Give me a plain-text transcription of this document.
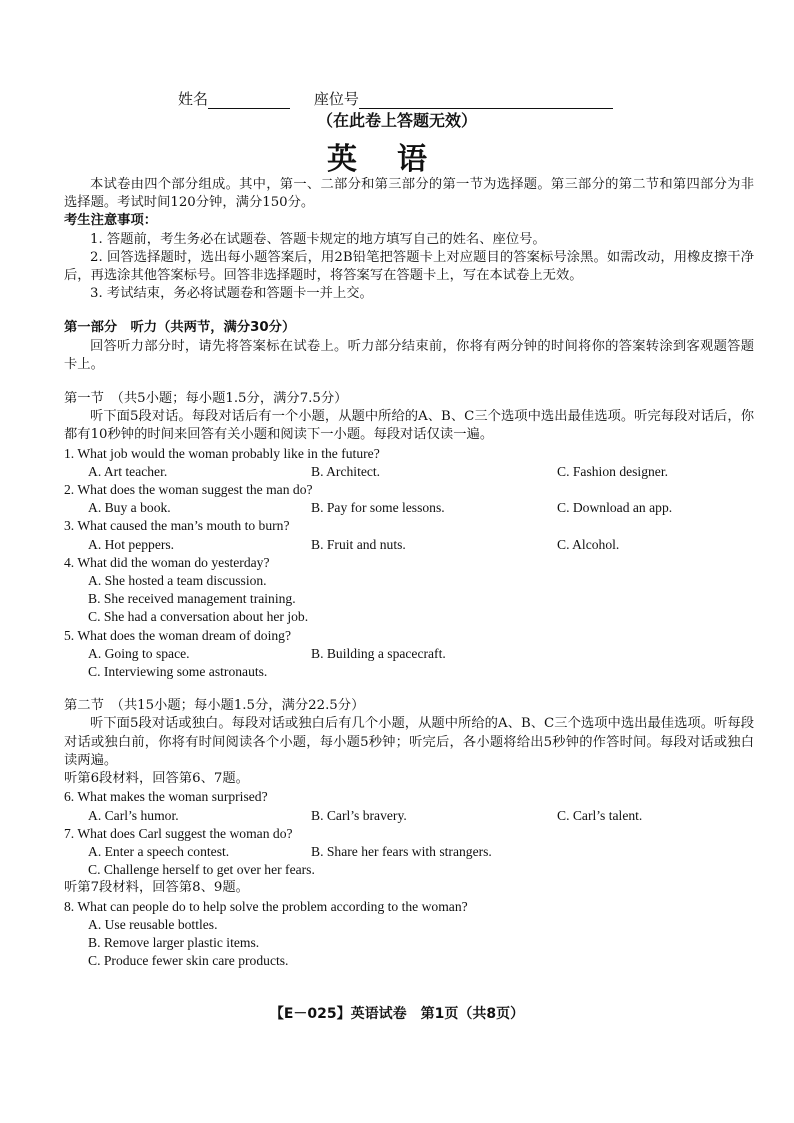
姓名	座位号
（在此卷上答题无效）
英语

本试卷由四个部分组成。其中，第一、二部分和第三部分的第一节为选择题。第三部分的第二节和第四部分为非选择题。考试时间120分钟，满分150分。

考生注意事项：

1. 答题前，考生务必在试题卷、答题卡规定的地方填写自己的姓名、座位号。

2. 回答选择题时，选出每小题答案后，用2B铅笔把答题卡上对应题目的答案标号涂黑。如需改动，用橡皮擦干净后，再选涂其他答案标号。回答非选择题时，将答案写在答题卡上，写在本试卷上无效。

3. 考试结束，务必将试题卷和答题卡一并上交。

第一部分　听力（共两节，满分30分）

回答听力部分时，请先将答案标在试卷上。听力部分结束前，你将有两分钟的时间将你的答案转涂到客观题答题卡上。

第一节　（共5小题；每小题1.5分，满分7.5分）

听下面5段对话。每段对话后有一个小题，从题中所给的A、B、C三个选项中选出最佳选项。听完每段对话后，你都有10秒钟的时间来回答有关小题和阅读下一小题。每段对话仅读一遍。

1. What job would the woman probably like in the future?

A. Art teacher.	B. Architect.	C. Fashion designer.

2. What does the woman suggest the man do?

A. Buy a book.	B. Pay for some lessons.	C. Download an app.

3. What caused the man’s mouth to burn?

A. Hot peppers.	B. Fruit and nuts.	C. Alcohol.

4. What did the woman do yesterday?

A. She hosted a team discussion.

B. She received management training.

C. She had a conversation about her job.

5. What does the woman dream of doing?

A. Going to space.	B. Building a spacecraft.

C. Interviewing some astronauts.

第二节　（共15小题；每小题1.5分，满分22.5分）

听下面5段对话或独白。每段对话或独白后有几个小题，从题中所给的A、B、C三个选项中选出最佳选项。听每段对话或独白前，你将有时间阅读各个小题，每小题5秒钟；听完后，各小题将给出5秒钟的作答时间。每段对话或独白读两遍。

听第6段材料，回答第6、7题。

6. What makes the woman surprised?

A. Carl’s humor.	B. Carl’s bravery.	C. Carl’s talent.

7. What does Carl suggest the woman do?

A. Enter a speech contest.	B. Share her fears with strangers.

C. Challenge herself to get over her fears.

听第7段材料，回答第8、9题。

8. What can people do to help solve the problem according to the woman?

A. Use reusable bottles.

B. Remove larger plastic items.

C. Produce fewer skin care products.

【E－025】英语试卷　第1页（共8页）
